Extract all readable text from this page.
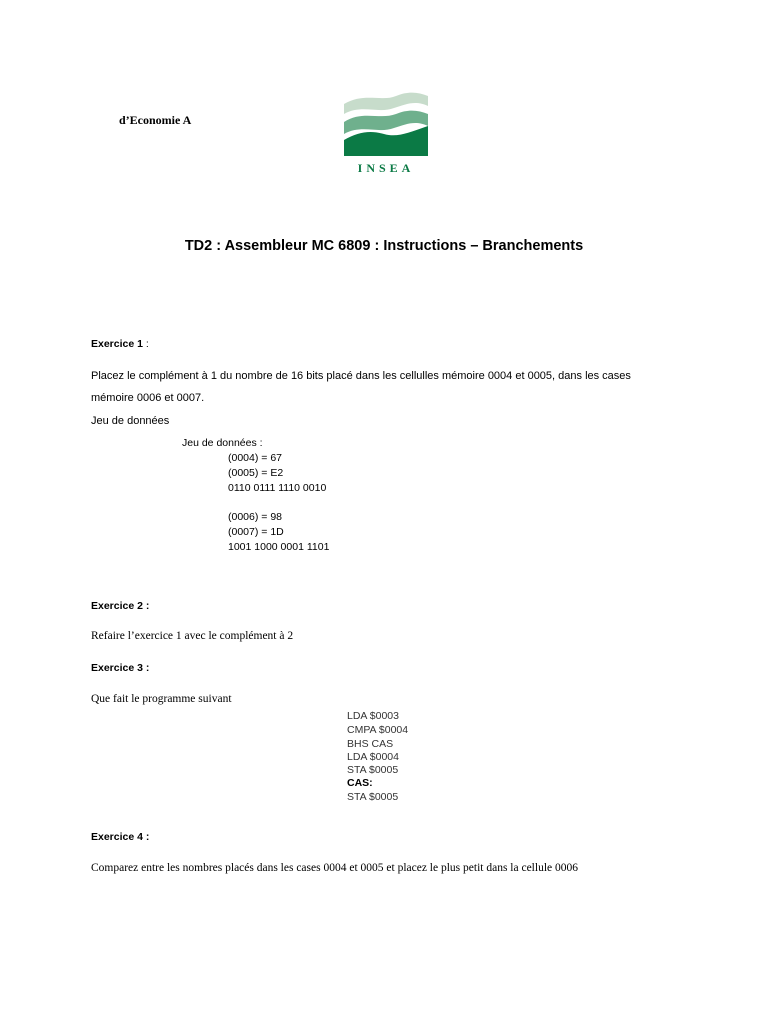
d’Economie A
INSEA
TD2 : Assembleur MC 6809 : Instructions – Branchements
Exercice 1 :
Placez le complément à 1 du nombre de 16 bits placé dans les cellulles mémoire 0004 et 0005, dans les cases
mémoire 0006 et 0007.
Jeu de données
Jeu de données :
(0004) = 67
(0005) = E2
0110 0111 1110 0010
(0006) = 98
(0007) = 1D
1001 1000 0001 1101
Exercice 2 :
Refaire l’exercice 1 avec le complément à 2
Exercice 3 :
Que fait le programme suivant
LDA $0003
CMPA $0004
BHS CAS
LDA $0004
STA $0005
CAS:
STA $0005
Exercice 4 :
Comparez entre les nombres placés dans les cases 0004 et 0005 et placez le plus petit dans la cellule 0006
